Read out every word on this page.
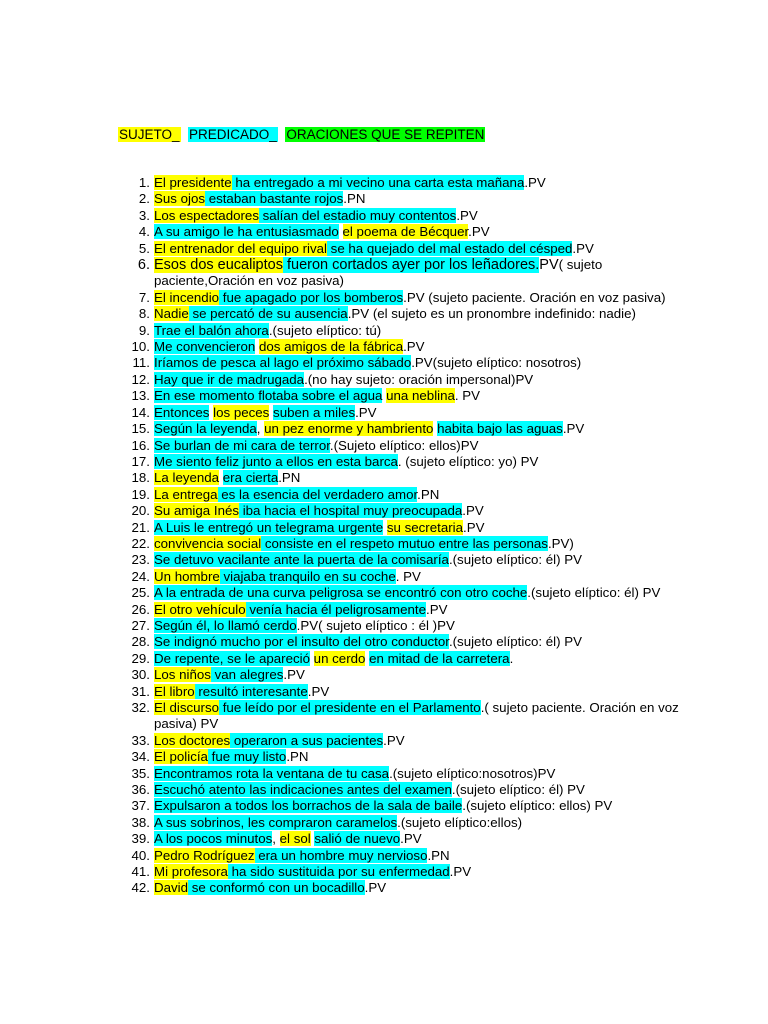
SUJETO_ PREDICADO_ ORACIONES QUE SE REPITEN
1. El presidente ha entregado a mi vecino una carta esta mañana.PV
2. Sus ojos estaban bastante rojos.PN
3. Los espectadores salían del estadio muy contentos.PV
4. A su amigo le ha entusiasmado el poema de Bécquer.PV
5. El entrenador del equipo rival se ha quejado del mal estado del césped.PV
6. Esos dos eucaliptos fueron cortados ayer por los leñadores.PV( sujeto paciente,Oración en voz pasiva)
7. El incendio fue apagado por los bomberos.PV (sujeto paciente. Oración en voz pasiva)
8. Nadie se percató de su ausencia.PV (el sujeto es un pronombre indefinido: nadie)
9. Trae el balón ahora.(sujeto elíptico: tú)
10. Me convencieron dos amigos de la fábrica.PV
11. Iríamos de pesca al lago el próximo sábado.PV(sujeto elíptico: nosotros)
12. Hay que ir de madrugada.(no hay sujeto: oración impersonal)PV
13. En ese momento flotaba sobre el agua una neblina. PV
14. Entonces los peces suben a miles.PV
15. Según la leyenda, un pez enorme y hambriento habita bajo las aguas.PV
16. Se burlan de mi cara de terror.(Sujeto elíptico: ellos)PV
17. Me siento feliz junto a ellos en esta barca. (sujeto elíptico: yo) PV
18. La leyenda era cierta.PN
19. La entrega es la esencia del verdadero amor.PN
20. Su amiga Inés iba hacia el hospital muy preocupada.PV
21. A Luis le entregó un telegrama urgente su secretaria.PV
22. convivencia social consiste en el respeto mutuo entre las personas.PV)
23. Se detuvo vacilante ante la puerta de la comisaría.(sujeto elíptico: él) PV
24. Un hombre viajaba tranquilo en su coche. PV
25. A la entrada de una curva peligrosa se encontró con otro coche.(sujeto elíptico: él) PV
26. El otro vehículo venía hacia él peligrosamente.PV
27. Según él, lo llamó cerdo.PV( sujeto elíptico : él )PV
28. Se indignó mucho por el insulto del otro conductor.(sujeto elíptico: él) PV
29. De repente, se le apareció un cerdo en mitad de la carretera.
30. Los niños van alegres.PV
31. El libro resultó interesante.PV
32. El discurso fue leído por el presidente en el Parlamento.( sujeto paciente. Oración en voz pasiva) PV
33. Los doctores operaron a sus pacientes.PV
34. El policía fue muy listo.PN
35. Encontramos rota la ventana de tu casa.(sujeto elíptico:nosotros)PV
36. Escuchó atento las indicaciones antes del examen.(sujeto elíptico: él) PV
37. Expulsaron a todos los borrachos de la sala de baile.(sujeto elíptico: ellos) PV
38. A sus sobrinos, les compraron caramelos.(sujeto elíptico:ellos)
39. A los pocos minutos, el sol salió de nuevo.PV
40. Pedro Rodríguez era un hombre muy nervioso.PN
41. Mi profesora ha sido sustituida por su enfermedad.PV
42. David se conformó con un bocadillo.PV
